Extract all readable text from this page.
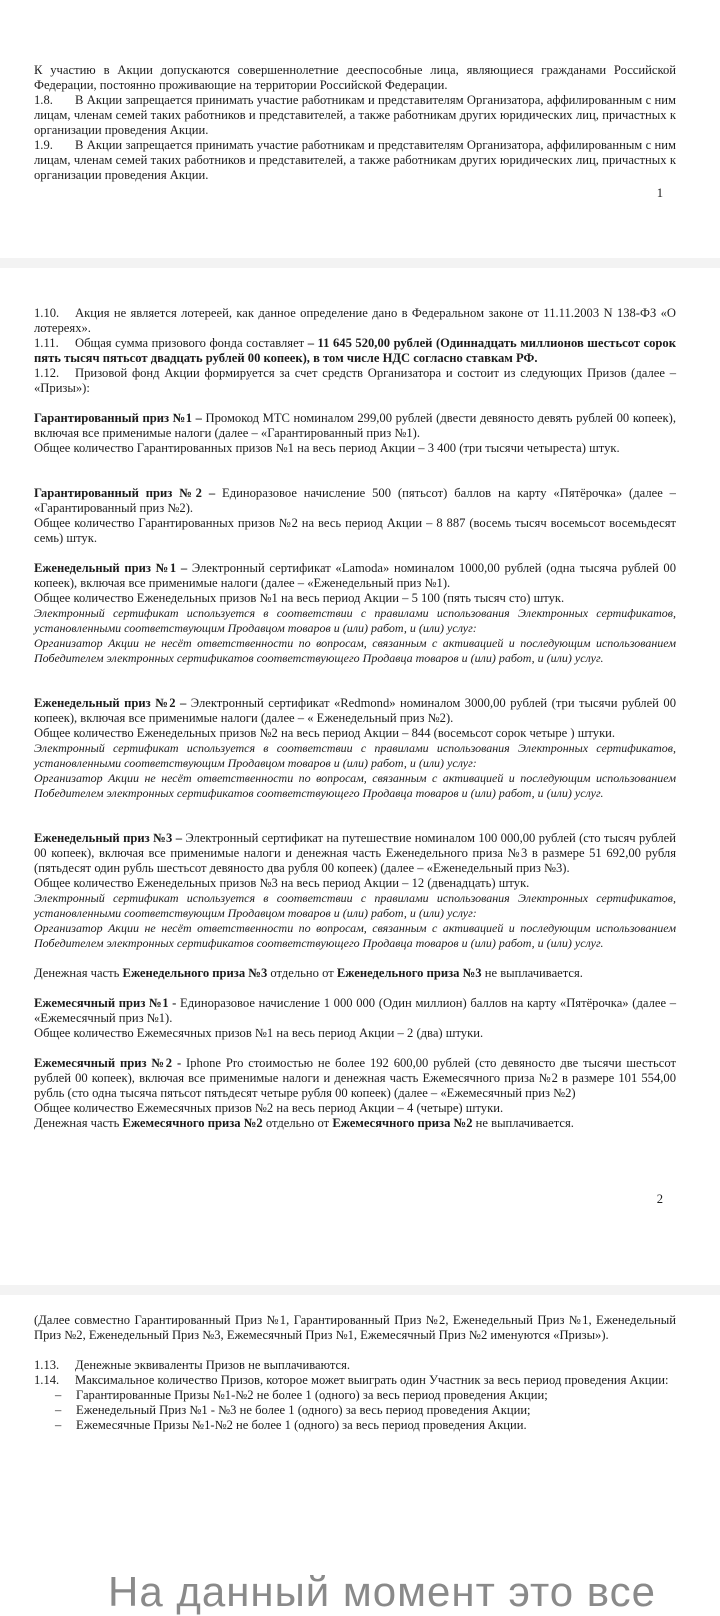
К участию в Акции допускаются совершеннолетние дееспособные лица, являющиеся гражданами Российской Федерации, постоянно проживающие на территории Российской Федерации.

1.8. В Акции запрещается принимать участие работникам и представителям Организатора, аффилированным с ним лицам, членам семей таких работников и представителей, а также работникам других юридических лиц, причастных к организации проведения Акции.

1.9. В Акции запрещается принимать участие работникам и представителям Организатора, аффилированным с ним лицам, членам семей таких работников и представителей, а также работникам других юридических лиц, причастных к организации проведения Акции.

1

1.10. Акция не является лотереей, как данное определение дано в Федеральном законе от 11.11.2003 N 138-ФЗ «О лотереях».

1.11. Общая сумма призового фонда составляет – 11 645 520,00 рублей (Одиннадцать миллионов шестьсот сорок пять тысяч пятьсот двадцать рублей 00 копеек), в том числе НДС согласно ставкам РФ.

1.12. Призовой фонд Акции формируется за счет средств Организатора и состоит из следующих Призов (далее – «Призы»):

Гарантированный приз №1 – Промокод МТС номиналом 299,00 рублей (двести девяносто девять рублей 00 копеек), включая все применимые налоги (далее – «Гарантированный приз №1).

Общее количество Гарантированных призов №1 на весь период Акции – 3 400 (три тысячи четыреста) штук.

Гарантированный приз №2 – Единоразовое начисление 500 (пятьсот) баллов на карту «Пятёрочка» (далее – «Гарантированный приз №2).

Общее количество Гарантированных призов №2 на весь период Акции – 8 887 (восемь тысяч восемьсот восемьдесят семь) штук.

Еженедельный приз №1 – Электронный сертификат «Lamoda» номиналом 1000,00 рублей (одна тысяча рублей 00 копеек), включая все применимые налоги (далее – «Еженедельный приз №1).

Общее количество Еженедельных призов №1 на весь период Акции – 5 100 (пять тысяч сто) штук.

Электронный сертификат используется в соответствии с правилами использования Электронных сертификатов, установленными соответствующим Продавцом товаров и (или) работ, и (или) услуг:

Организатор Акции не несёт ответственности по вопросам, связанным с активацией и последующим использованием Победителем электронных сертификатов соответствующего Продавца товаров и (или) работ, и (или) услуг.

Еженедельный приз №2 – Электронный сертификат «Redmond» номиналом 3000,00 рублей (три тысячи рублей 00 копеек), включая все применимые налоги (далее – « Еженедельный приз №2).

Общее количество Еженедельных призов №2 на весь период Акции – 844 (восемьсот сорок четыре ) штуки.

Электронный сертификат используется в соответствии с правилами использования Электронных сертификатов, установленными соответствующим Продавцом товаров и (или) работ, и (или) услуг:

Организатор Акции не несёт ответственности по вопросам, связанным с активацией и последующим использованием Победителем электронных сертификатов соответствующего Продавца товаров и (или) работ, и (или) услуг.

Еженедельный приз №3 – Электронный сертификат на путешествие номиналом 100 000,00 рублей (сто тысяч рублей 00 копеек), включая все применимые налоги и денежная часть Еженедельного приза №3 в размере 51 692,00 рубля (пятьдесят один рубль шестьсот девяносто два рубля 00 копеек) (далее – «Еженедельный приз №3).

Общее количество Еженедельных призов №3 на весь период Акции – 12 (двенадцать) штук.

Электронный сертификат используется в соответствии с правилами использования Электронных сертификатов, установленными соответствующим Продавцом товаров и (или) работ, и (или) услуг:

Организатор Акции не несёт ответственности по вопросам, связанным с активацией и последующим использованием Победителем электронных сертификатов соответствующего Продавца товаров и (или) работ, и (или) услуг.

Денежная часть Еженедельного приза №3 отдельно от Еженедельного приза №3 не выплачивается.

Ежемесячный приз №1 - Единоразовое начисление 1 000 000 (Один миллион) баллов на карту «Пятёрочка» (далее – «Ежемесячный приз №1).

Общее количество Ежемесячных призов №1 на весь период Акции – 2 (два) штуки.

Ежемесячный приз №2 - Iphone Pro стоимостью не более 192 600,00 рублей (сто девяносто две тысячи шестьсот рублей 00 копеек), включая все применимые налоги и денежная часть Ежемесячного приза №2 в размере 101 554,00 рубль (сто одна тысяча пятьсот пятьдесят четыре рубля 00 копеек) (далее – «Ежемесячный приз №2)

Общее количество Ежемесячных призов №2 на весь период Акции – 4 (четыре) штуки.

Денежная часть Ежемесячного приза №2 отдельно от Ежемесячного приза №2 не выплачивается.

2

(Далее совместно Гарантированный Приз №1, Гарантированный Приз №2, Еженедельный Приз №1, Еженедельный Приз №2, Еженедельный Приз №3, Ежемесячный Приз №1, Ежемесячный Приз №2 именуются «Призы»).

1.13. Денежные эквиваленты Призов не выплачиваются.

1.14. Максимальное количество Призов, которое может выиграть один Участник за весь период проведения Акции:

– Гарантированные Призы №1-№2 не более 1 (одного) за весь период проведения Акции;

– Еженедельный Приз №1 - №3 не более 1 (одного) за весь период проведения Акции;

– Ежемесячные Призы №1-№2 не более 1 (одного) за весь период проведения Акции.

На данный момент это все
